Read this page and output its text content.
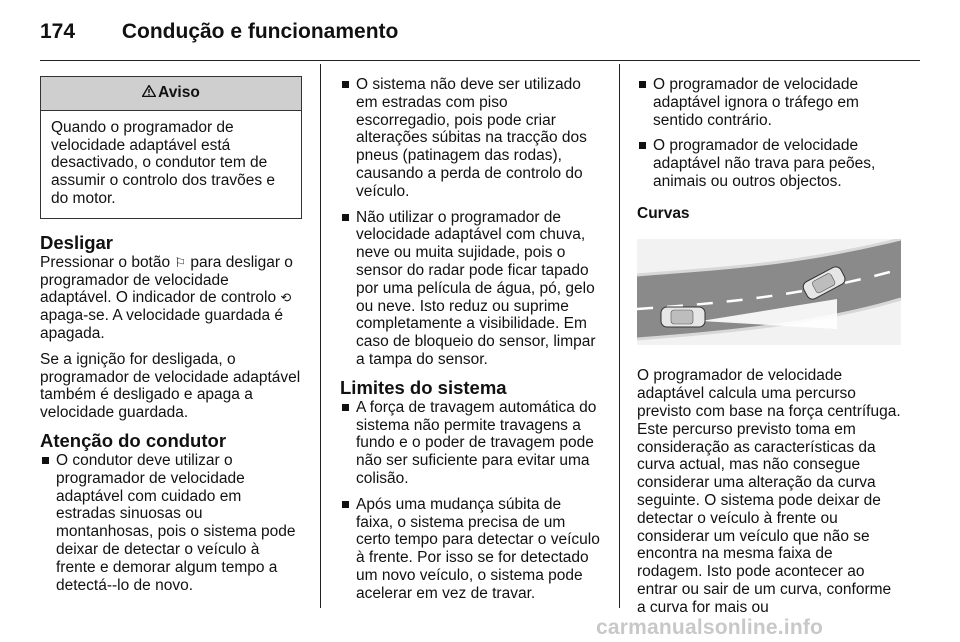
174 Condução e funcionamento
Aviso
Quando o programador de velocidade adaptável está desactivado, o condutor tem de assumir o controlo dos travões e do motor.
Desligar

Pressionar o botão ⚐ para desligar o programador de velocidade adaptável. O indicador de controlo ⟲ apaga-se. A velocidade guardada é apagada.

Se a ignição for desligada, o programador de velocidade adaptável também é desligado e apaga a velocidade guardada.

Atenção do condutor
O condutor deve utilizar o programador de velocidade adaptável com cuidado em estradas sinuosas ou montanhosas, pois o sistema pode deixar de detectar o veículo à frente e demorar algum tempo a detectá--lo de novo.
O sistema não deve ser utilizado em estradas com piso escorregadio, pois pode criar alterações súbitas na tracção dos pneus (patinagem das rodas), causando a perda de controlo do veículo.
Não utilizar o programador de velocidade adaptável com chuva, neve ou muita sujidade, pois o sensor do radar pode ficar tapado por uma película de água, pó, gelo ou neve. Isto reduz ou suprime completamente a visibilidade. Em caso de bloqueio do sensor, limpar a tampa do sensor.
Limites do sistema
A força de travagem automática do sistema não permite travagens a fundo e o poder de travagem pode não ser suficiente para evitar uma colisão.
Após uma mudança súbita de faixa, o sistema precisa de um certo tempo para detectar o veículo à frente. Por isso se for detectado um novo veículo, o sistema pode acelerar em vez de travar.
O programador de velocidade adaptável ignora o tráfego em sentido contrário.
O programador de velocidade adaptável não trava para peões, animais ou outros objectos.
Curvas

O programador de velocidade adaptável calcula uma percurso previsto com base na força centrífuga. Este percurso previsto toma em consideração as características da curva actual, mas não consegue considerar uma alteração da curva seguinte. O sistema pode deixar de detectar o veículo à frente ou considerar um veículo que não se encontra na mesma faixa de rodagem. Isto pode acontecer ao entrar ou sair de um curva, conforme a curva for mais ou

carmanualsonline.info
